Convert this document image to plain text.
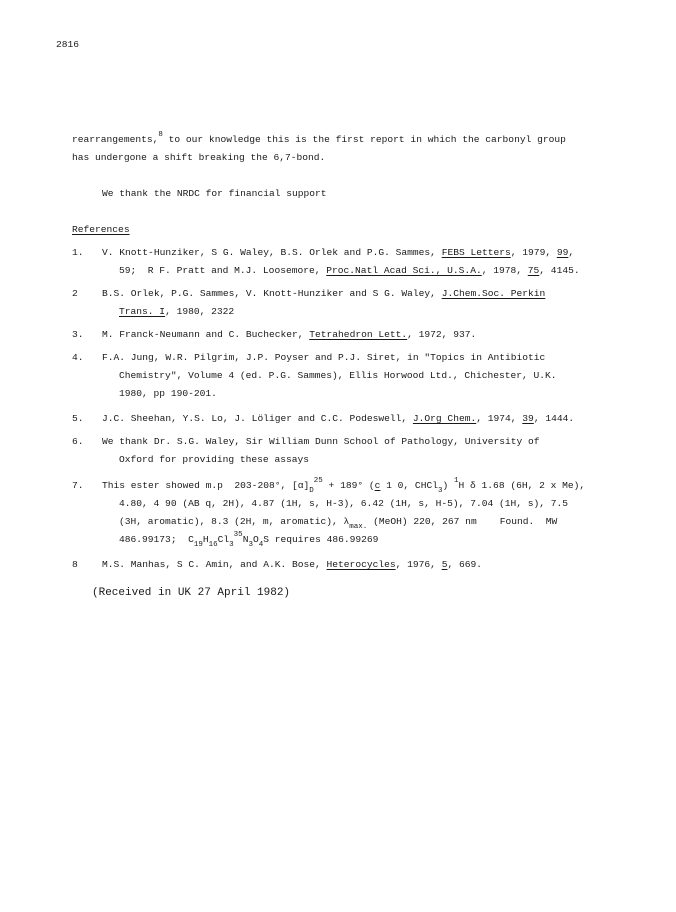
2816
rearrangements,$^8$ to our knowledge this is the first report in which the carbonyl group
has undergone a shift breaking the 6,7-bond.
We thank the NRDC for financial support
References
1. V. Knott-Hunziker, S G. Waley, B.S. Orlek and P.G. Sammes, FEBS Letters, 1979, 99,
59;  R F. Pratt and M.J. Loosemore, Proc.Natl Acad Sci., U.S.A., 1978, 75, 4145.
2	B.S. Orlek, P.G. Sammes, V. Knott-Hunziker and S G. Waley, J.Chem.Soc. Perkin
Trans. I, 1980, 2322
3. M. Franck-Neumann and C. Buchecker, Tetrahedron Lett., 1972, 937.
4. F.A. Jung, W.R. Pilgrim, J.P. Poyser and P.J. Siret, in "Topics in Antibiotic
Chemistry", Volume 4 (ed. P.G. Sammes), Ellis Horwood Ltd., Chichester, U.K.
1980, pp 190-201.
5. J.C. Sheehan, Y.S. Lo, J. Löliger and C.C. Podeswell, J.Org Chem., 1974, 39, 1444.
6. We thank Dr. S.G. Waley, Sir William Dunn School of Pathology, University of
Oxford for providing these assays
7. This ester showed m.p  203-208°, $[\alpha]_D^{25} + 189^\circ$ (c 1 0, CHCl$_3$) $^1$H δ 1.68 (6H, 2 x Me),
4.80, 4 90 (AB q, 2H), 4.87 (1H, s, H-3), 6.42 (1H, s, H-5), 7.04 (1H, s), 7.5
(3H, aromatic), 8.3 (2H, m, aromatic), $\lambda_{max.}$ (MeOH) 220, 267 nm    Found.  MW
486.99173;  $C_{19}H_{16}Cl_3^{35}N_3O_4S$ requires 486.99269
8	M.S. Manhas, S C. Amin, and A.K. Bose, Heterocycles, 1976, 5, 669.
(Received in UK 27 April 1982)
